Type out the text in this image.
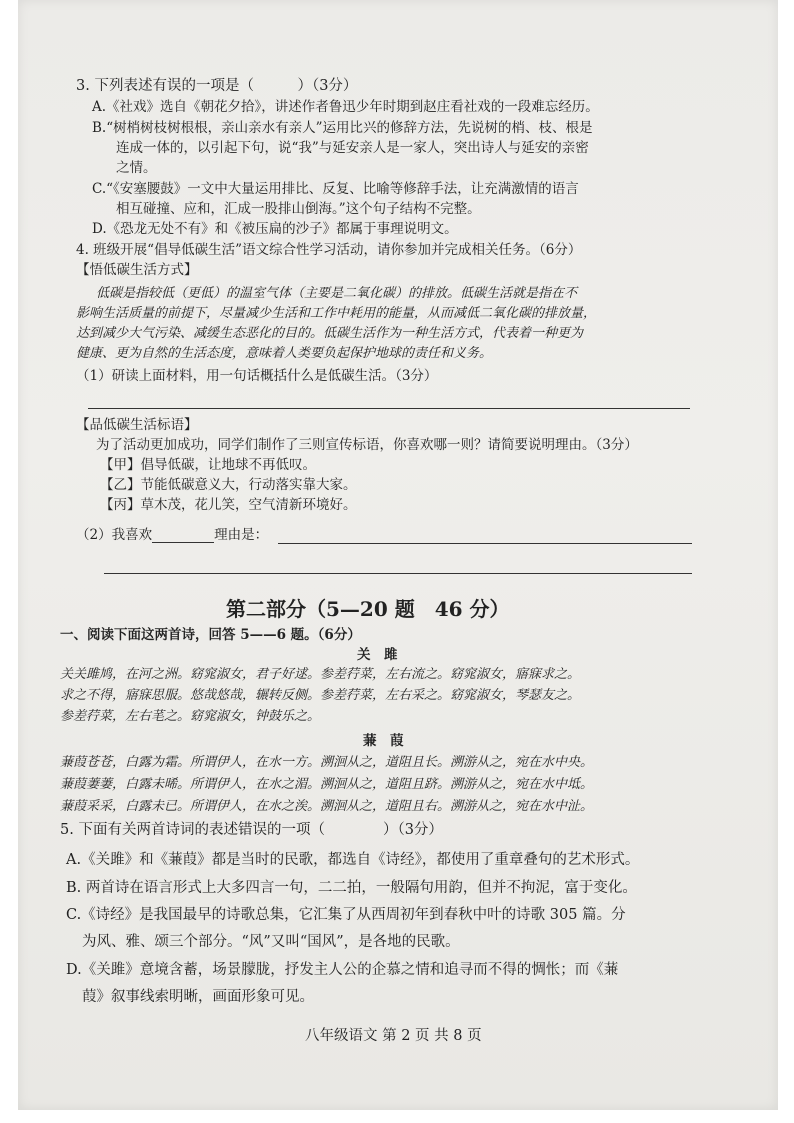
3. 下列表述有误的一项是（　　　）（3分）
A.《社戏》选自《朝花夕拾》，讲述作者鲁迅少年时期到赵庄看社戏的一段难忘经历。
B.“树梢树枝树根根，亲山亲水有亲人”运用比兴的修辞方法，先说树的梢、枝、根是
连成一体的，以引起下句，说“我”与延安亲人是一家人，突出诗人与延安的亲密
之情。
C.“《安塞腰鼓》一文中大量运用排比、反复、比喻等修辞手法，让充满激情的语言
相互碰撞、应和，汇成一股排山倒海。”这个句子结构不完整。
D.《恐龙无处不有》和《被压扁的沙子》都属于事理说明文。
4. 班级开展“倡导低碳生活”语文综合性学习活动，请你参加并完成相关任务。（6分）
【悟低碳生活方式】
低碳是指较低（更低）的温室气体（主要是二氧化碳）的排放。低碳生活就是指在不
影响生活质量的前提下，尽量减少生活和工作中耗用的能量，从而减低二氧化碳的排放量，
达到减少大气污染、减缓生态恶化的目的。低碳生活作为一种生活方式，代表着一种更为
健康、更为自然的生活态度，意味着人类要负起保护地球的责任和义务。
（1）研读上面材料，用一句话概括什么是低碳生活。（3分）
【品低碳生活标语】
为了活动更加成功，同学们制作了三则宣传标语，你喜欢哪一则？请简要说明理由。（3分）
【甲】倡导低碳，让地球不再低叹。
【乙】节能低碳意义大，行动落实靠大家。
【丙】草木茂，花儿笑，空气清新环境好。
（2）我喜欢	理由是：
第二部分（5—20 题　46 分）
一、阅读下面这两首诗，回答 5——6 题。（6分）
关　雎
关关雎鸠，在河之洲。窈窕淑女，君子好逑。参差荇菜，左右流之。窈窕淑女，寤寐求之。
求之不得，寤寐思服。悠哉悠哉，辗转反侧。参差荇菜，左右采之。窈窕淑女，琴瑟友之。
参差荇菜，左右芼之。窈窕淑女，钟鼓乐之。
蒹　葭
蒹葭苍苍，白露为霜。所谓伊人，在水一方。溯洄从之，道阻且长。溯游从之，宛在水中央。
蒹葭萋萋，白露未晞。所谓伊人，在水之湄。溯洄从之，道阻且跻。溯游从之，宛在水中坻。
蒹葭采采，白露未已。所谓伊人，在水之涘。溯洄从之，道阻且右。溯游从之，宛在水中沚。
5. 下面有关两首诗词的表述错误的一项（　　　　）（3分）
A.《关雎》和《蒹葭》都是当时的民歌，都选自《诗经》，都使用了重章叠句的艺术形式。
B. 两首诗在语言形式上大多四言一句，二二拍，一般隔句用韵，但并不拘泥，富于变化。
C.《诗经》是我国最早的诗歌总集，它汇集了从西周初年到春秋中叶的诗歌 305 篇。分
为风、雅、颂三个部分。“风”又叫“国风”，是各地的民歌。
D.《关雎》意境含蓄，场景朦胧，抒发主人公的企慕之情和追寻而不得的惆怅；而《蒹
葭》叙事线索明晰，画面形象可见。
八年级语文 第 2 页 共 8 页
